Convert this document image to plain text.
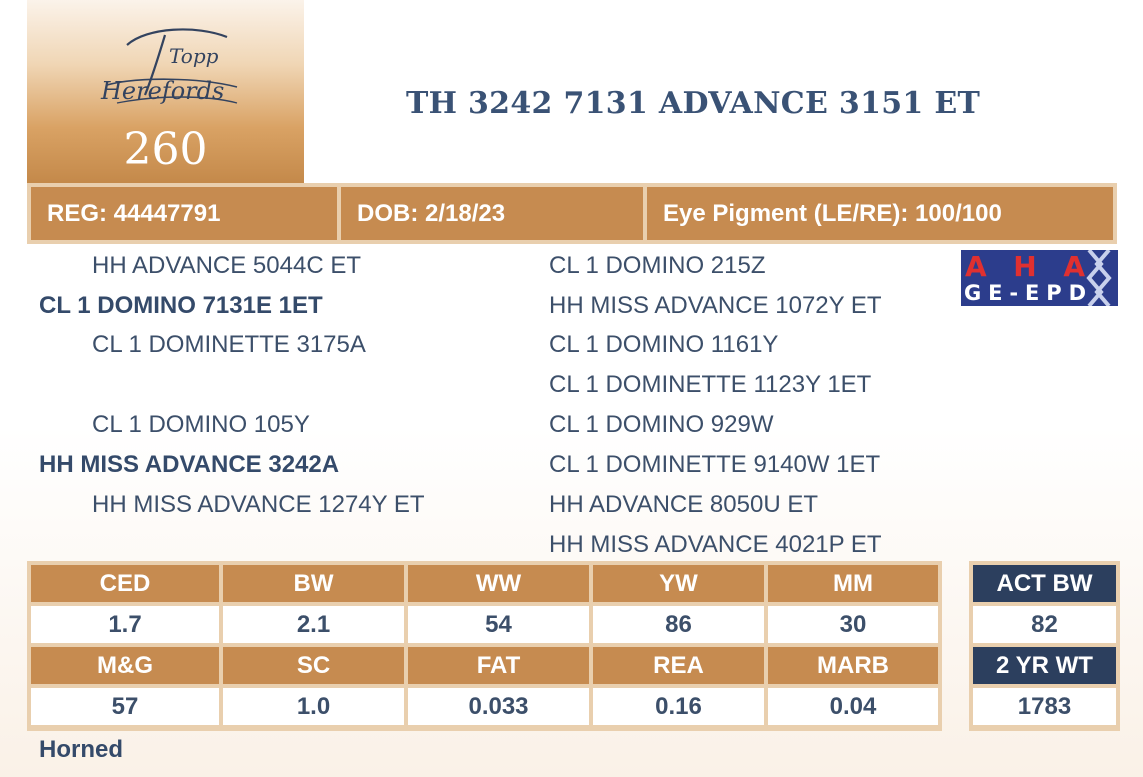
Topp
Herefords
260
TH 3242 7131 ADVANCE 3151 ET
REG: 44447791	DOB: 2/18/23	Eye Pigment (LE/RE): 100/100
HH ADVANCE 5044C ET
CL 1 DOMINO 7131E 1ET
CL 1 DOMINETTE 3175A
CL 1 DOMINO 105Y
HH MISS ADVANCE 3242A
HH MISS ADVANCE 1274Y ET
CL 1 DOMINO 215Z
HH MISS ADVANCE 1072Y ET
CL 1 DOMINO 1161Y
CL 1 DOMINETTE 1123Y 1ET
CL 1 DOMINO 929W
CL 1 DOMINETTE 9140W 1ET
HH ADVANCE 8050U ET
HH MISS ADVANCE 4021P ET
AHA
GE-EPD
CED	BW	WW	YW	MM
1.7	2.1	54	86	30
M&G	SC	FAT	REA	MARB
57	1.0	0.033	0.16	0.04
ACT BW
82
2 YR WT
1783
Horned
